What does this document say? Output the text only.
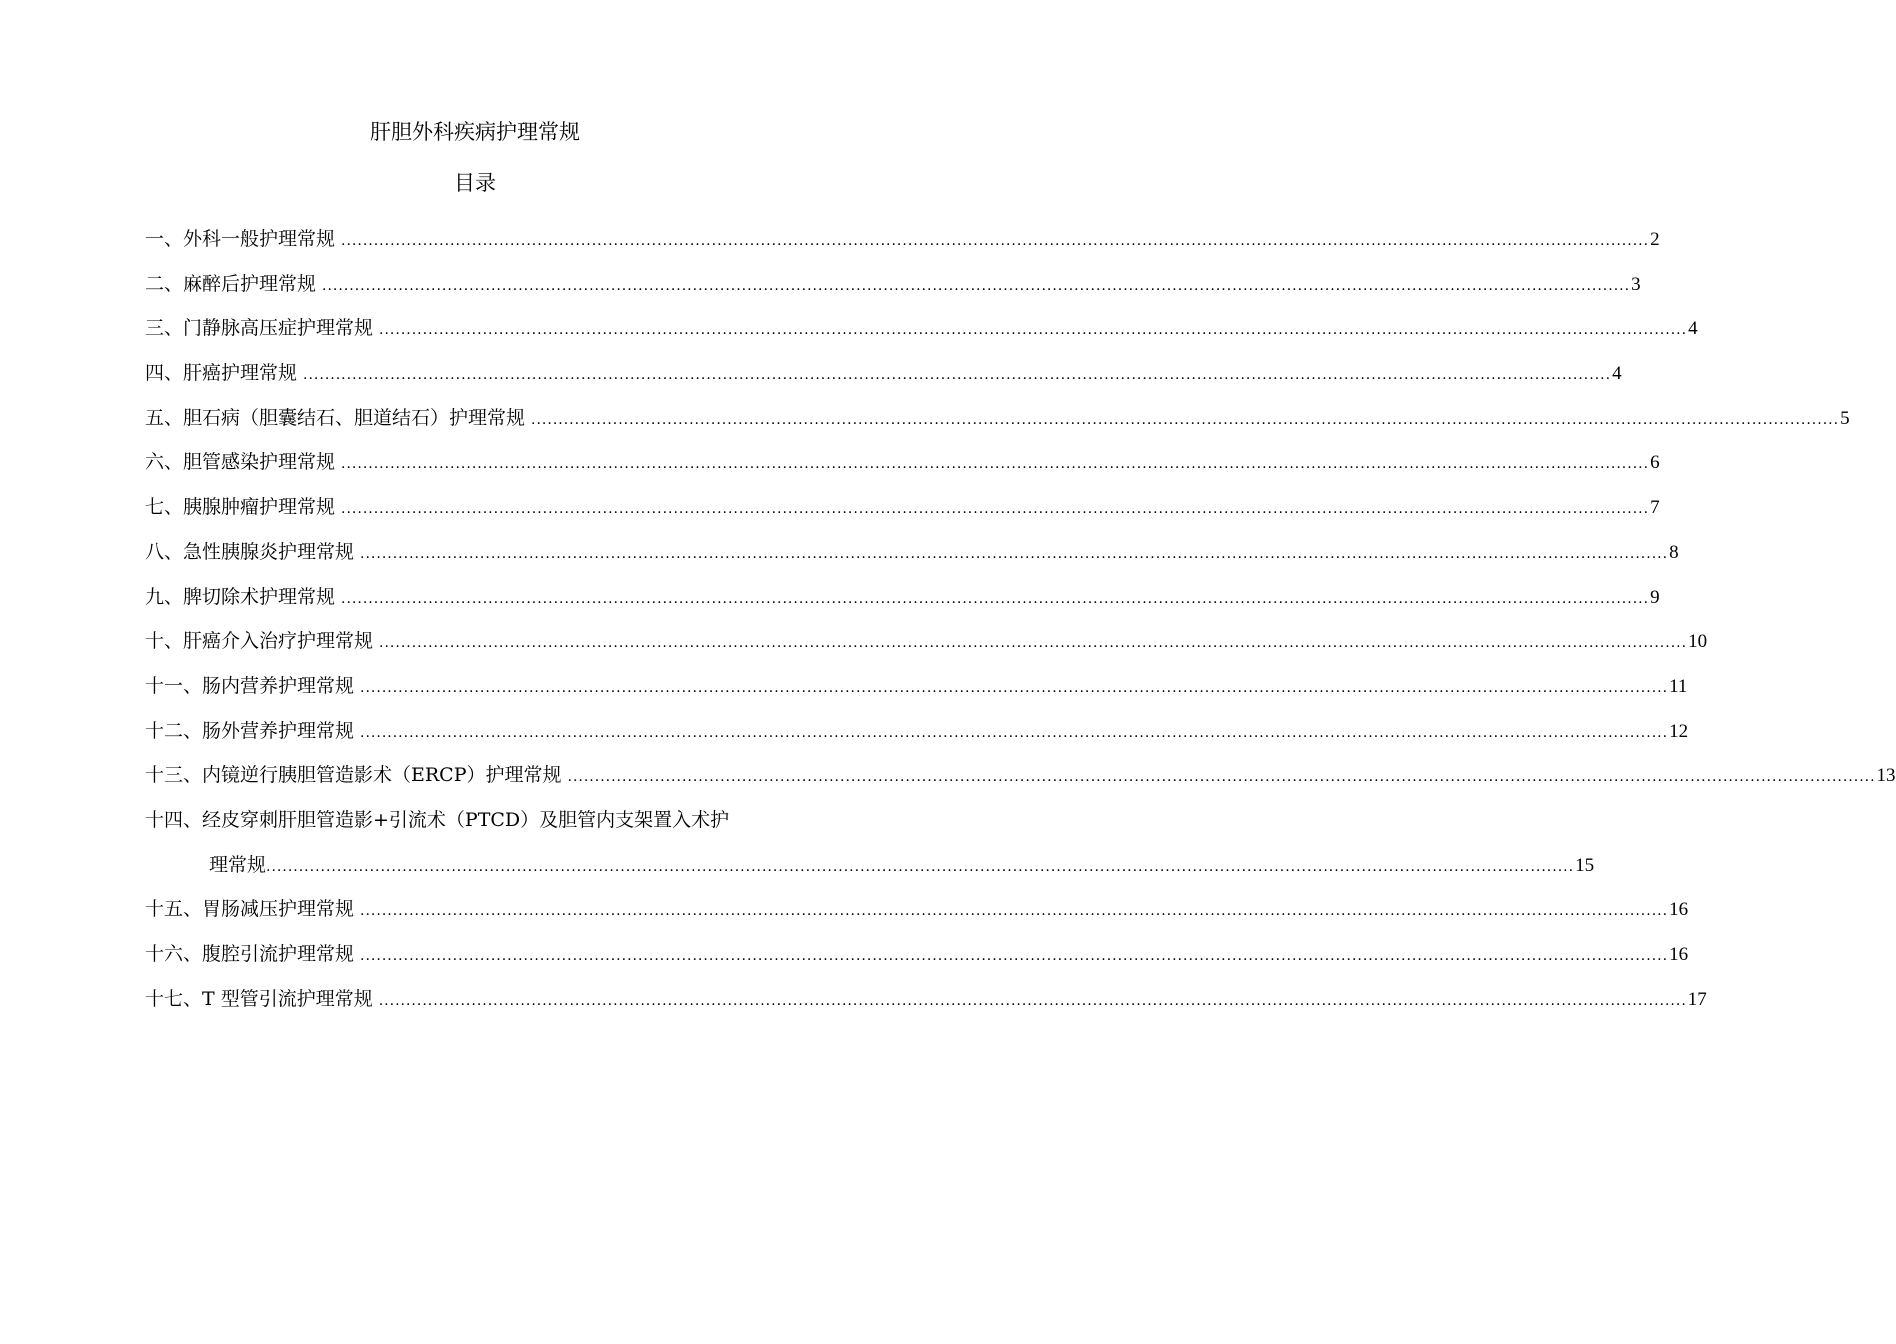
肝胆外科疾病护理常规
目录
一、外科一般护理常规 ................................................................................................................................................................................................................................................ 2
二、麻醉后护理常规 ................................................................................................................................................................................................................................................ 3
三、门静脉高压症护理常规 ................................................................................................................................................................................................................................................ 4
四、肝癌护理常规 ................................................................................................................................................................................................................................................ 4
五、胆石病（胆囊结石、胆道结石）护理常规 ................................................................................................................................................................................................................................................ 5
六、胆管感染护理常规 ................................................................................................................................................................................................................................................ 6
七、胰腺肿瘤护理常规 ................................................................................................................................................................................................................................................ 7
八、急性胰腺炎护理常规 ................................................................................................................................................................................................................................................ 8
九、脾切除术护理常规 ................................................................................................................................................................................................................................................ 9
十、肝癌介入治疗护理常规 ................................................................................................................................................................................................................................................ 10
十一、肠内营养护理常规 ................................................................................................................................................................................................................................................ 11
十二、肠外营养护理常规 ................................................................................................................................................................................................................................................ 12
十三、内镜逆行胰胆管造影术（ERCP）护理常规 ................................................................................................................................................................................................................................................ 13
十四、经皮穿刺肝胆管造影+引流术（PTCD）及胆管内支架置入术护
理常规 ................................................................................................................................................................................................................................................ 15
十五、胃肠减压护理常规 ................................................................................................................................................................................................................................................ 16
十六、腹腔引流护理常规 ................................................................................................................................................................................................................................................ 16
十七、T 型管引流护理常规 ................................................................................................................................................................................................................................................ 17
